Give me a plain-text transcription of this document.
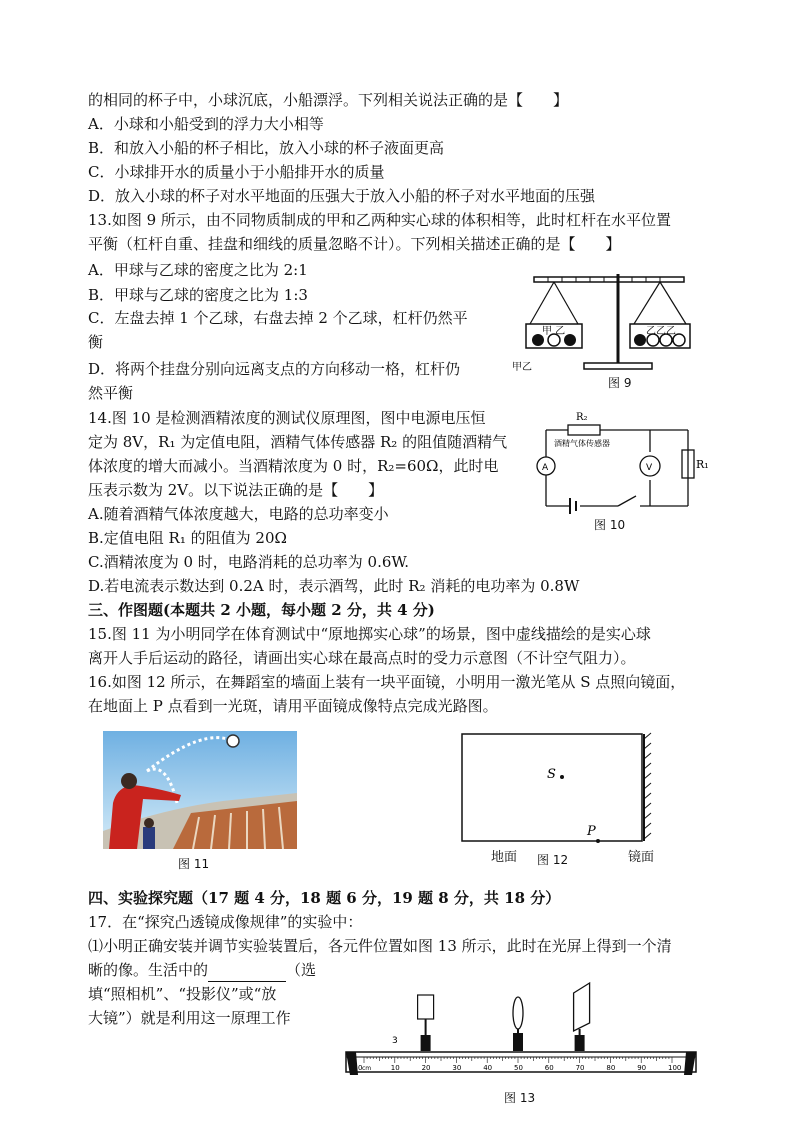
的相同的杯子中，小球沉底，小船漂浮。下列相关说法正确的是【　　】
A．小球和小船受到的浮力大小相等
B．和放入小船的杯子相比，放入小球的杯子液面更高
C．小球排开水的质量小于小船排开水的质量
D．放入小球的杯子对水平地面的压强大于放入小船的杯子对水平地面的压强
13.如图 9 所示，由不同物质制成的甲和乙两种实心球的体积相等，此时杠杆在水平位置
平衡（杠杆自重、挂盘和细线的质量忽略不计）。下列相关描述正确的是【　　】
A．甲球与乙球的密度之比为 2:1
B．甲球与乙球的密度之比为 1:3
C．左盘去掉 1 个乙球，右盘去掉 2 个乙球，杠杆仍然平
衡
D．将两个挂盘分别向远离支点的方向移动一格，杠杆仍
然平衡
14.图 10 是检测酒精浓度的测试仪原理图，图中电源电压恒
定为 8V，R₁ 为定值电阻，酒精气体传感器 R₂ 的阻值随酒精气
体浓度的增大而减小。当酒精浓度为 0 时，R₂=60Ω，此时电
压表示数为 2V。以下说法正确的是【　　】
A.随着酒精气体浓度越大，电路的总功率变小
B.定值电阻 R₁ 的阻值为 20Ω
C.酒精浓度为 0 时，电路消耗的总功率为 0.6W.
D.若电流表示数达到 0.2A 时，表示酒驾，此时 R₂ 消耗的电功率为 0.8W
三、作图题(本题共 2 小题，每小题 2 分，共 4 分)
15.图 11 为小明同学在体育测试中“原地掷实心球”的场景，图中虚线描绘的是实心球
离开人手后运动的路径，请画出实心球在最高点时的受力示意图（不计空气阻力）。
16.如图 12 所示，在舞蹈室的墙面上装有一块平面镜，小明用一激光笔从 S 点照向镜面，
在地面上 P 点看到一光斑，请用平面镜成像特点完成光路图。
四、实验探究题（17 题 4 分，18 题 6 分，19 题 8 分，共 18 分）
17．在“探究凸透镜成像规律”的实验中：
⑴小明正确安装并调节实验装置后，各元件位置如图 13 所示，此时在光屏上得到一个清
晰的像。生活中的	（选
填“照相机”、“投影仪”或“放
大镜”）就是利用这一原理工作
甲 乙	乙乙乙
甲乙
图 9
R₂
酒精气体传感器
A	V	R₁
图 10
图 11
S
P
地面 图 12	镜面
10	20	30	40	50	60	70	80	90	100
0 cm
3
图 13
